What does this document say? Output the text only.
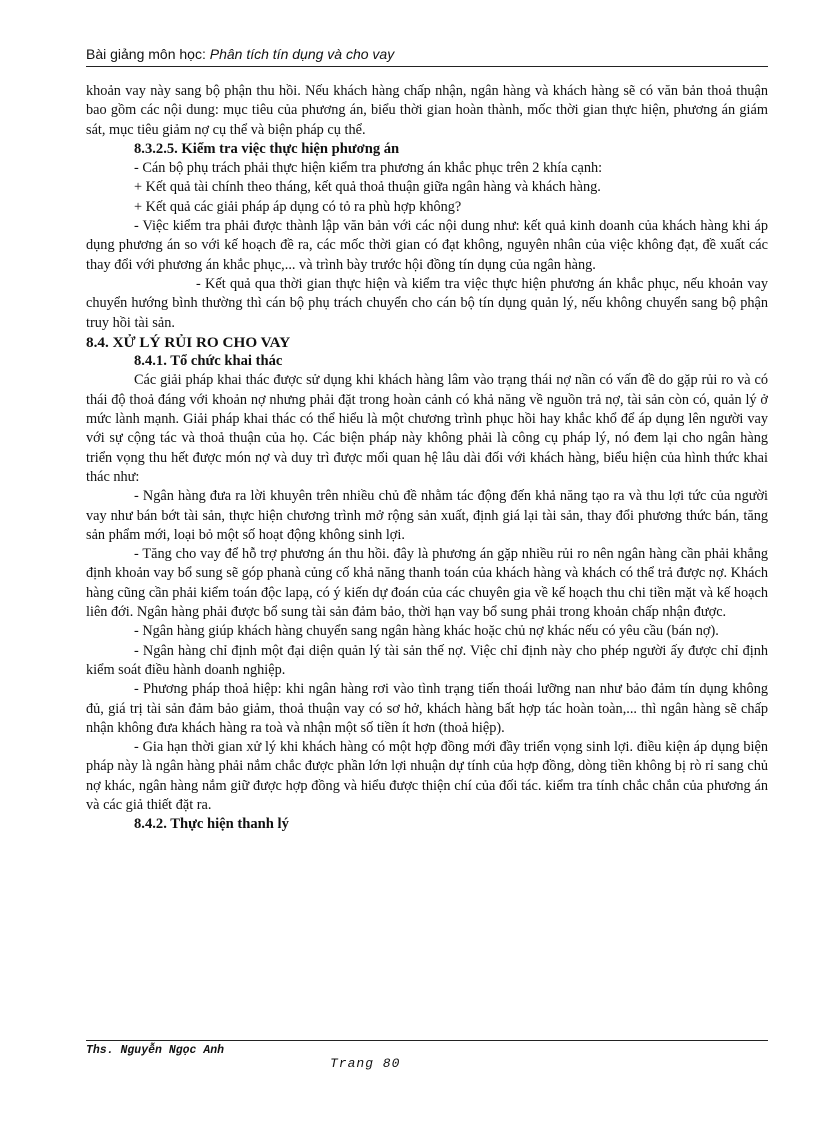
Bài giảng môn học: Phân tích tín dụng và cho vay

khoản vay này sang bộ phận thu hồi. Nếu khách hàng chấp nhận, ngân hàng và khách hàng sẽ có văn bản thoả thuận bao gồm các nội dung: mục tiêu của phương án, biểu thời gian hoàn thành, mốc thời gian thực hiện, phương án giám sát, mục tiêu giảm nợ cụ thể và biện pháp cụ thể.

8.3.2.5. Kiểm tra việc thực hiện phương án

- Cán bộ phụ trách phải thực hiện kiểm tra phương án khắc phục trên 2 khía cạnh:

+ Kết quả tài chính theo tháng, kết quả thoả thuận giữa ngân hàng và khách hàng.

+ Kết quả các giải pháp áp dụng có tỏ ra phù hợp không?

- Việc kiểm tra phải được thành lập văn bản với các nội dung như: kết quả kinh doanh của khách hàng khi áp dụng phương án so với kế hoạch đề ra, các mốc thời gian có đạt không, nguyên nhân của việc không đạt, đề xuất các thay đổi với phương án khắc phục,... và trình bày trước hội đồng tín dụng của ngân hàng.

- Kết quả qua thời gian thực hiện và kiểm tra việc thực hiện phương án khắc phục, nếu khoản vay chuyển hướng bình thường thì cán bộ phụ trách chuyển cho cán bộ tín dụng quản lý, nếu không chuyển sang bộ phận truy hồi tài sản.

8.4. XỬ LÝ RỦI RO CHO VAY

8.4.1. Tổ chức khai thác

Các giải pháp khai thác được sử dụng khi khách hàng lâm vào trạng thái nợ nần có vấn đề do gặp rủi ro và có thái độ thoả đáng với khoản nợ nhưng phải đặt trong hoàn cảnh có khả năng về nguồn trả nợ, tài sản còn có, quản lý ở mức lành mạnh. Giải pháp khai thác có thể hiểu là một chương trình phục hồi hay khắc khổ để áp dụng lên người vay với sự cộng tác và thoả thuận của họ. Các biện pháp này không phải là công cụ pháp lý, nó đem lại cho ngân hàng triển vọng thu hết được món nợ và duy trì được mối quan hệ lâu dài đối với khách hàng, biểu hiện của hình thức khai thác như:

- Ngân hàng đưa ra lời khuyên trên nhiều chủ đề nhằm tác động đến khả năng tạo ra và thu lợi tức của người vay như bán bớt tài sản, thực hiện chương trình mở rộng sản xuất, định giá lại tài sản, thay đổi phương thức bán, tăng sản phẩm mới, loại bỏ một số hoạt động không sinh lợi.

- Tăng cho vay để hỗ trợ phương án thu hồi. đây là phương án gặp nhiều rủi ro nên ngân hàng cần phải khẳng định khoản vay bổ sung sẽ góp phanà củng cố khả năng thanh toán của khách hàng và khách có thể trả được nợ. Khách hàng cũng cần phải kiểm toán độc lapạ, có ý kiến dự đoán của các chuyên gia về kế hoạch thu chi tiền mặt và kế hoạch liên đới. Ngân hàng phải được bổ sung tài sản đảm bảo, thời hạn vay bổ sung phải trong khoản chấp nhận được.

- Ngân hàng giúp khách hàng chuyển sang ngân hàng khác hoặc chủ nợ khác nếu có yêu cầu (bán nợ).

- Ngân hàng chỉ định một đại diện quản lý tài sản thế nợ. Việc chỉ định này cho phép người ấy được chỉ định kiểm soát điều hành doanh nghiệp.

- Phương pháp thoả hiệp: khi ngân hàng rơi vào tình trạng tiến thoái lưỡng nan như bảo đảm tín dụng không đủ, giá trị tài sản đảm bảo giảm, thoả thuận vay có sơ hở, khách hàng bất hợp tác hoàn toàn,... thì ngân hàng sẽ chấp nhận không đưa khách hàng ra toà và nhận một số tiền ít hơn (thoả hiệp).

- Gia hạn thời gian xử lý khi khách hàng có một hợp đồng mới đầy triển vọng sinh lợi. điều kiện áp dụng biện pháp này là ngân hàng phải nắm chắc được phần lớn lợi nhuận dự tính của hợp đồng, dòng tiền không bị rò rỉ sang chủ nợ khác, ngân hàng nắm giữ được hợp đồng và hiểu được thiện chí của đối tác. kiểm tra tính chắc chắn của phương án và các giả thiết đặt ra.

8.4.2. Thực hiện thanh lý

Ths. Nguyễn Ngọc Anh
Trang 80
